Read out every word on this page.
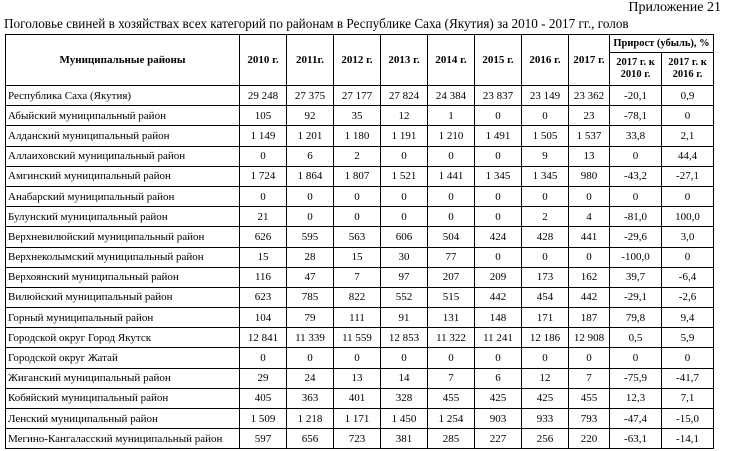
Приложение 21
Поголовье свиней в хозяйствах всех категорий по районам в Республике Саха (Якутия) за 2010 - 2017 гг., голов
Муниципальные районы	2010 г.	2011г.	2012 г.	2013 г.	2014 г.	2015 г.	2016 г.	2017 г.	Прирост (убыль), %	
									2017 г. к 2010 г.	2017 г. к 2016 г.
Республика Саха (Якутия)	29 248	27 375	27 177	27 824	24 384	23 837	23 149	23 362	-20,1	0,9
Абыйский муниципальный район	105	92	35	12	1	0	0	23	-78,1	0
Алданский муниципальный район	1 149	1 201	1 180	1 191	1 210	1 491	1 505	1 537	33,8	2,1
Аллаиховский муниципальный район	0	6	2	0	0	0	9	13	0	44,4
Амгинский муниципальный район	1 724	1 864	1 807	1 521	1 441	1 345	1 345	980	-43,2	-27,1
Анабарский муниципальный район	0	0	0	0	0	0	0	0	0	0
Булунский муниципальный район	21	0	0	0	0	0	2	4	-81,0	100,0
Верхневилюйский муниципальный район	626	595	563	606	504	424	428	441	-29,6	3,0
Верхнеколымский муниципальный район	15	28	15	30	77	0	0	0	-100,0	0
Верхоянский муниципальный район	116	47	7	97	207	209	173	162	39,7	-6,4
Вилюйский муниципальный район	623	785	822	552	515	442	454	442	-29,1	-2,6
Горный муниципальный район	104	79	111	91	131	148	171	187	79,8	9,4
Городской округ Город Якутск	12 841	11 339	11 559	12 853	11 322	11 241	12 186	12 908	0,5	5,9
Городской округ Жатай	0	0	0	0	0	0	0	0	0	0
Жиганский муниципальный район	29	24	13	14	7	6	12	7	-75,9	-41,7
Кобяйский муниципальный район	405	363	401	328	455	425	425	455	12,3	7,1
Ленский муниципальный район	1 509	1 218	1 171	1 450	1 254	903	933	793	-47,4	-15,0
Мегино-Кангаласский муниципальный район	597	656	723	381	285	227	256	220	-63,1	-14,1
